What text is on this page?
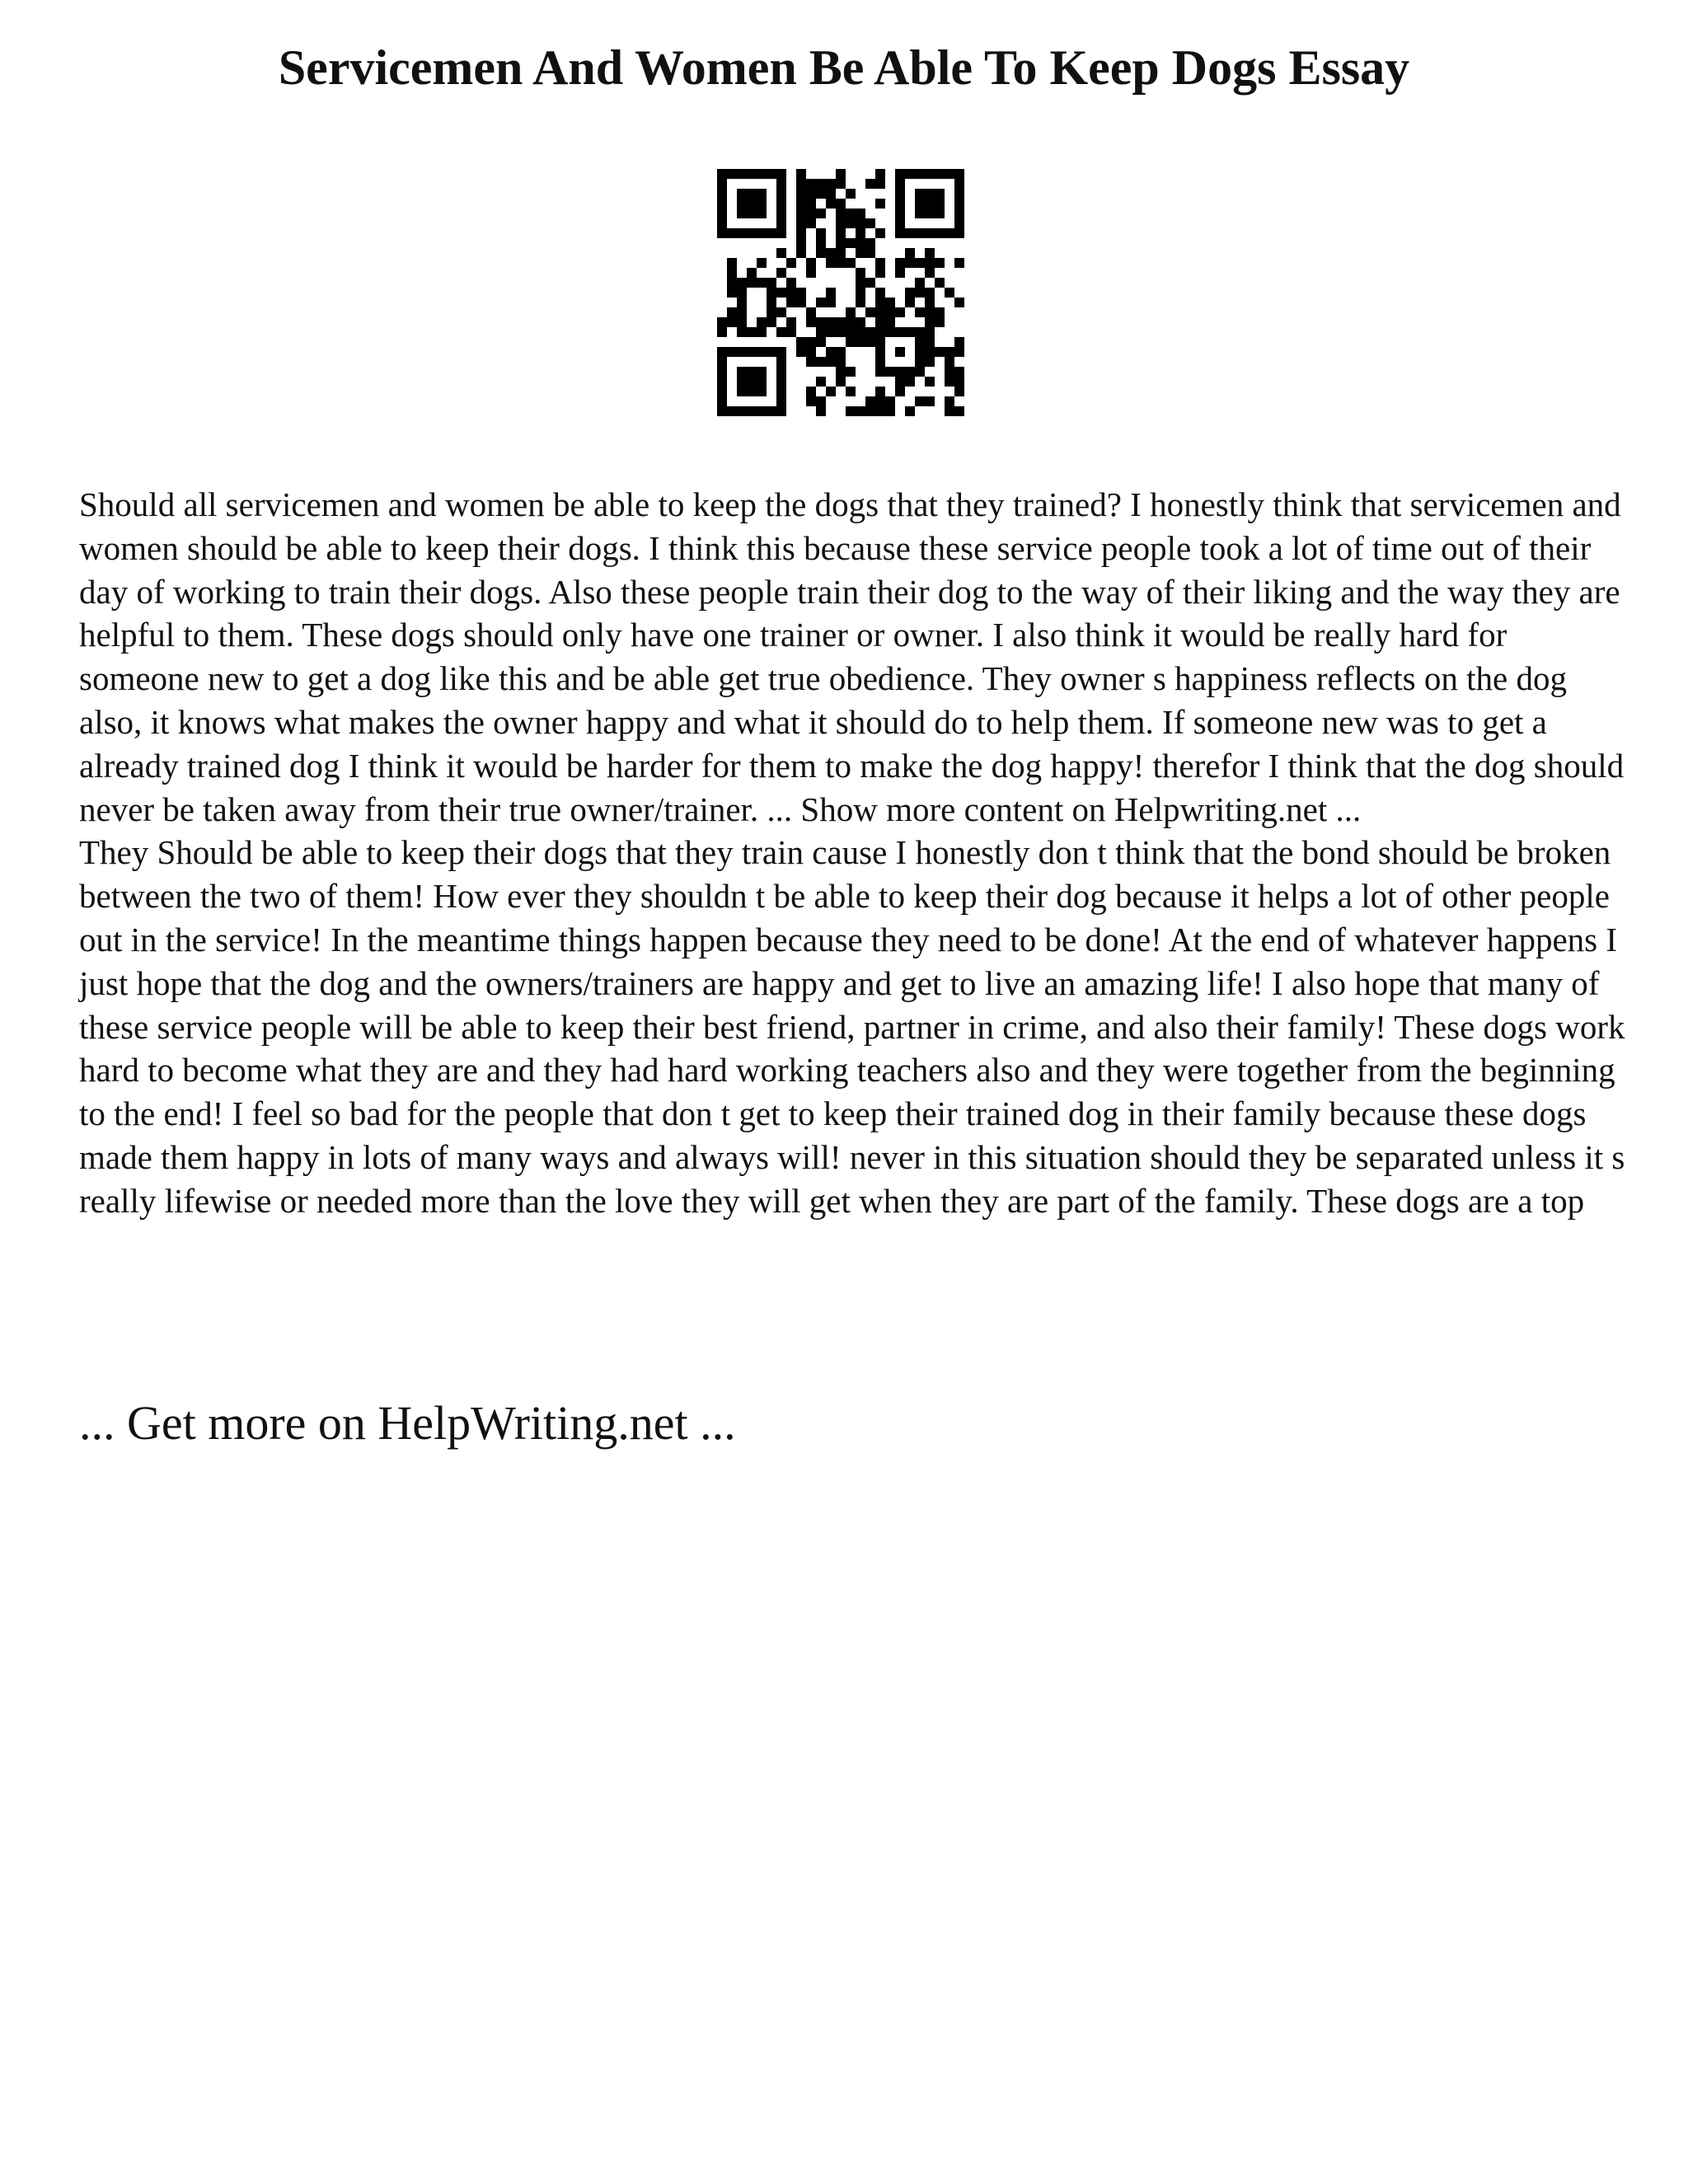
Servicemen And Women Be Able To Keep Dogs Essay

Should all servicemen and women be able to keep the dogs that they trained? I honestly think that servicemen and women should be able to keep their dogs. I think this because these service people took a lot of time out of their day of working to train their dogs. Also these people train their dog to the way of their liking and the way they are helpful to them. These dogs should only have one trainer or owner. I also think it would be really hard for someone new to get a dog like this and be able get true obedience. They owner s happiness reflects on the dog also, it knows what makes the owner happy and what it should do to help them. If someone new was to get a already trained dog I think it would be harder for them to make the dog happy! therefor I think that the dog should never be taken away from their true owner/trainer. ... Show more content on Helpwriting.net ...

They Should be able to keep their dogs that they train cause I honestly don t think that the bond should be broken between the two of them! How ever they shouldn t be able to keep their dog because it helps a lot of other people out in the service! In the meantime things happen because they need to be done! At the end of whatever happens I just hope that the dog and the owners/trainers are happy and get to live an amazing life! I also hope that many of these service people will be able to keep their best friend, partner in crime, and also their family! These dogs work hard to become what they are and they had hard working teachers also and they were together from the beginning to the end! I feel so bad for the people that don t get to keep their trained dog in their family because these dogs made them happy in lots of many ways and always will! never in this situation should they be separated unless it s really lifewise or needed more than the love they will get when they are part of the family. These dogs are a top

... Get more on HelpWriting.net ...
